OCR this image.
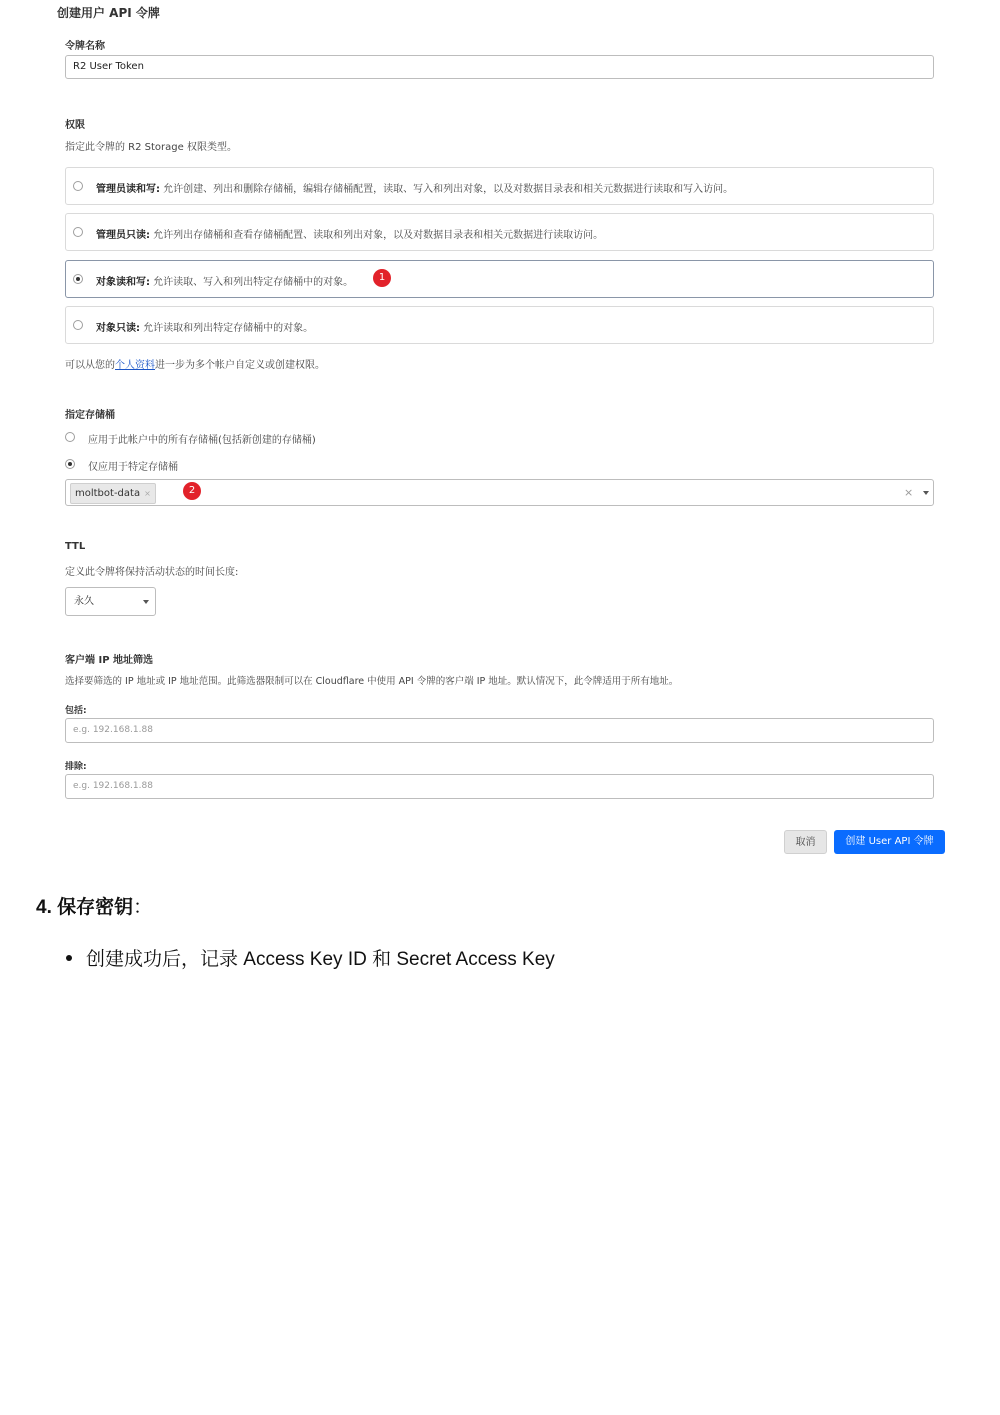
创建用户 API 令牌
令牌名称
R2 User Token
权限
指定此令牌的 R2 Storage 权限类型。
管理员读和写: 允许创建、列出和删除存储桶，编辑存储桶配置，读取、写入和列出对象，以及对数据目录表和相关元数据进行读取和写入访问。
管理员只读: 允许列出存储桶和查看存储桶配置、读取和列出对象，以及对数据目录表和相关元数据进行读取访问。
对象读和写: 允许读取、写入和列出特定存储桶中的对象。	1
对象只读: 允许读取和列出特定存储桶中的对象。
可以从您的个人资料进一步为多个帐户自定义或创建权限。
指定存储桶
应用于此帐户中的所有存储桶(包括新创建的存储桶)
仅应用于特定存储桶
moltbot-data ×	×
2
TTL
定义此令牌将保持活动状态的时间长度:
永久
客户端 IP 地址筛选
选择要筛选的 IP 地址或 IP 地址范围。此筛选器限制可以在 Cloudflare 中使用 API 令牌的客户端 IP 地址。默认情况下，此令牌适用于所有地址。
包括:
e.g. 192.168.1.88
排除:
e.g. 192.168.1.88
取消	创建 User API 令牌
4. 保存密钥：
创建成功后，记录 Access Key ID 和 Secret Access Key
